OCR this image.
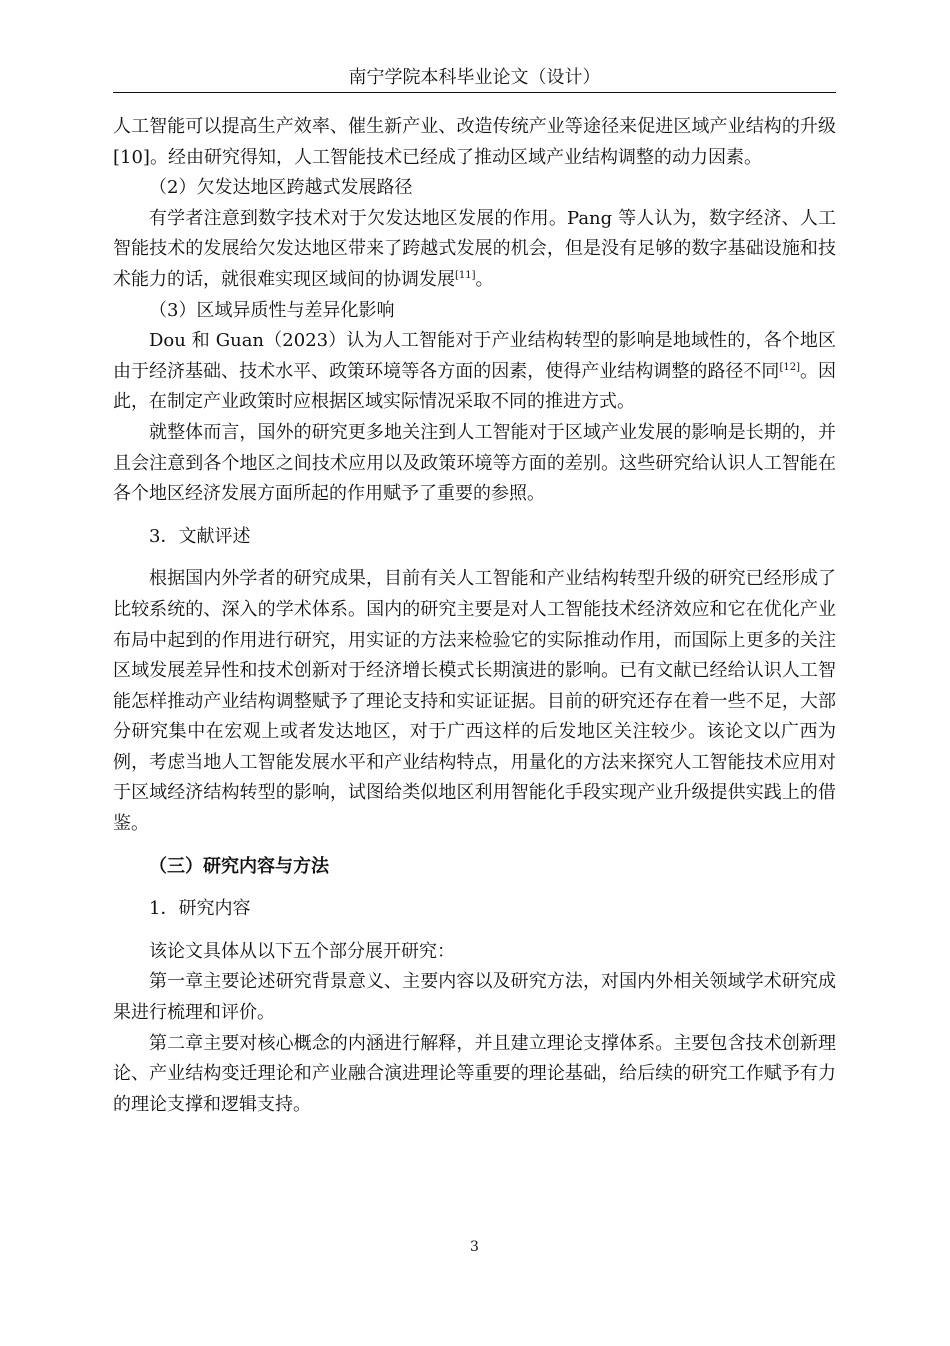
南宁学院本科毕业论文（设计）

人工智能可以提高生产效率、催生新产业、改造传统产业等途径来促进区域产业结构的升级[10]。经由研究得知，人工智能技术已经成了推动区域产业结构调整的动力因素。

（2）欠发达地区跨越式发展路径

有学者注意到数字技术对于欠发达地区发展的作用。Pang 等人认为，数字经济、人工智能技术的发展给欠发达地区带来了跨越式发展的机会，但是没有足够的数字基础设施和技术能力的话，就很难实现区域间的协调发展[11]。

（3）区域异质性与差异化影响

Dou 和 Guan（2023）认为人工智能对于产业结构转型的影响是地域性的，各个地区由于经济基础、技术水平、政策环境等各方面的因素，使得产业结构调整的路径不同[12]。因此，在制定产业政策时应根据区域实际情况采取不同的推进方式。

就整体而言，国外的研究更多地关注到人工智能对于区域产业发展的影响是长期的，并且会注意到各个地区之间技术应用以及政策环境等方面的差别。这些研究给认识人工智能在各个地区经济发展方面所起的作用赋予了重要的参照。

3．文献评述

根据国内外学者的研究成果，目前有关人工智能和产业结构转型升级的研究已经形成了比较系统的、深入的学术体系。国内的研究主要是对人工智能技术经济效应和它在优化产业布局中起到的作用进行研究，用实证的方法来检验它的实际推动作用，而国际上更多的关注区域发展差异性和技术创新对于经济增长模式长期演进的影响。已有文献已经给认识人工智能怎样推动产业结构调整赋予了理论支持和实证证据。目前的研究还存在着一些不足，大部分研究集中在宏观上或者发达地区，对于广西这样的后发地区关注较少。该论文以广西为例，考虑当地人工智能发展水平和产业结构特点，用量化的方法来探究人工智能技术应用对于区域经济结构转型的影响，试图给类似地区利用智能化手段实现产业升级提供实践上的借鉴。

（三）研究内容与方法

1．研究内容

该论文具体从以下五个部分展开研究：

第一章主要论述研究背景意义、主要内容以及研究方法，对国内外相关领域学术研究成果进行梳理和评价。

第二章主要对核心概念的内涵进行解释，并且建立理论支撑体系。主要包含技术创新理论、产业结构变迁理论和产业融合演进理论等重要的理论基础，给后续的研究工作赋予有力的理论支撑和逻辑支持。

3
